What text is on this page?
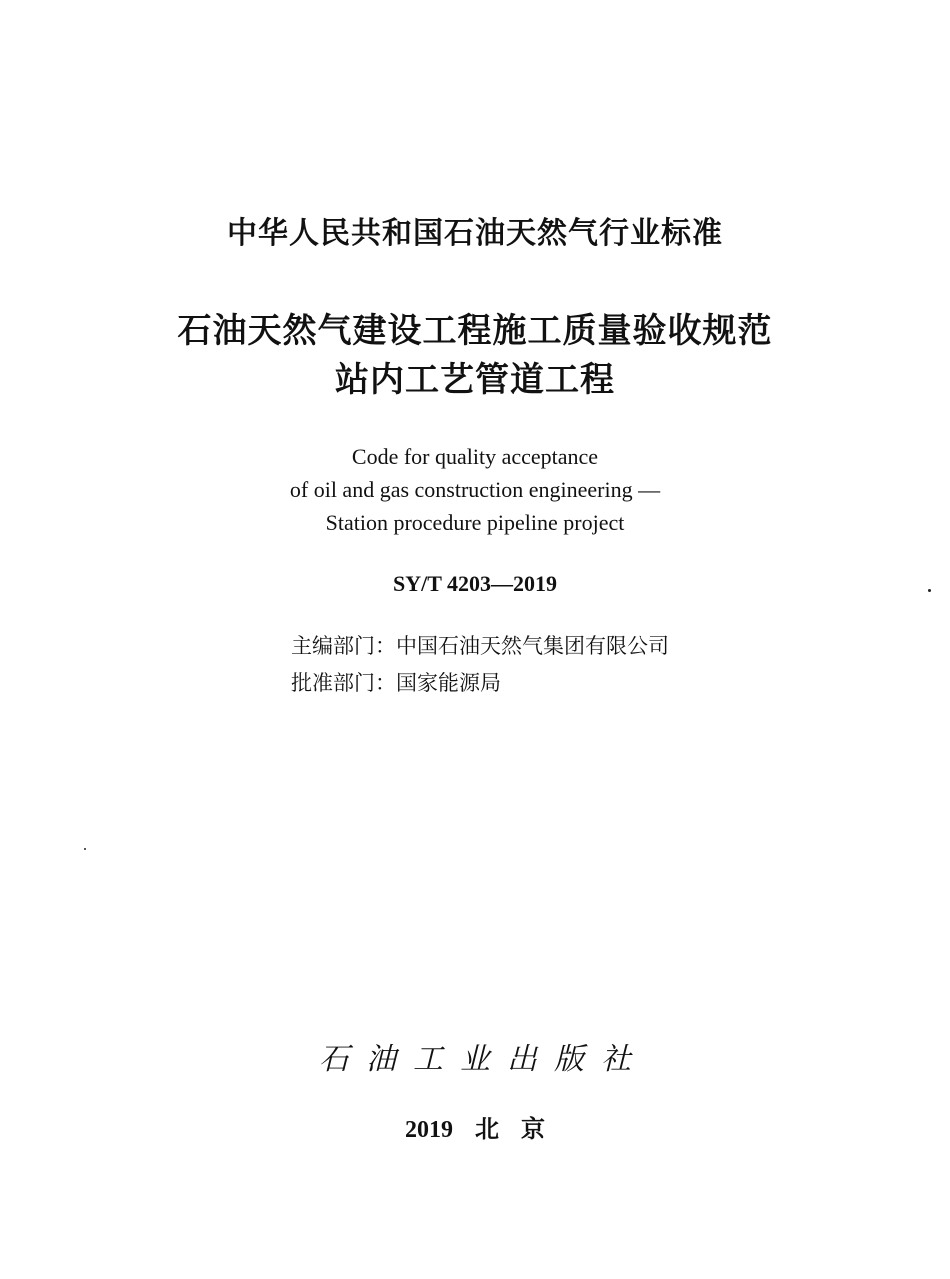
中华人民共和国石油天然气行业标准
石油天然气建设工程施工质量验收规范
站内工艺管道工程
Code for quality acceptance
of oil and gas construction engineering —
Station procedure pipeline project
SY/T 4203—2019
主编部门：中国石油天然气集团有限公司
批准部门：国家能源局
石油工业出版社
2019 北京
